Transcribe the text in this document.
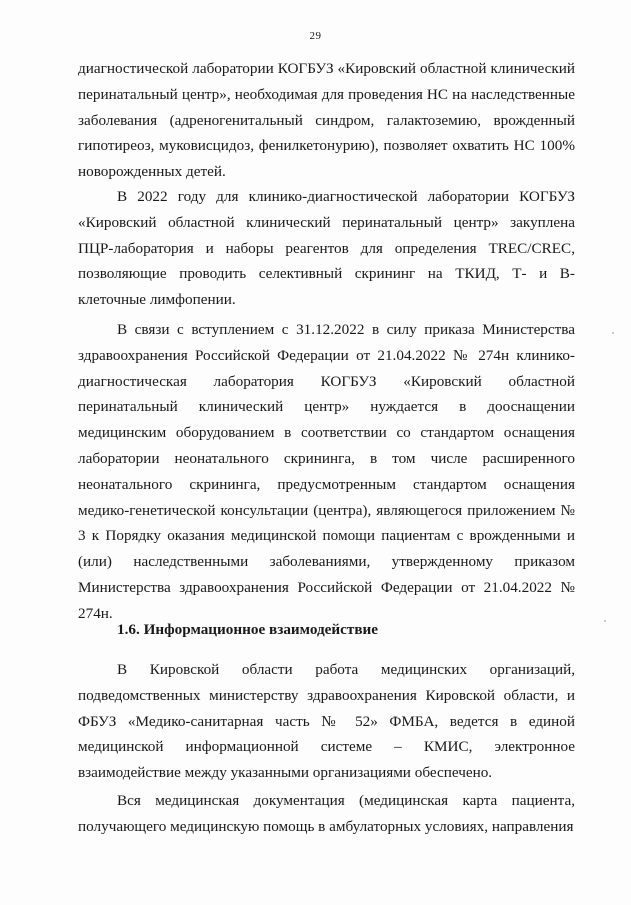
29

диагностической лаборатории КОГБУЗ «Кировский областной клинический перинатальный центр», необходимая для проведения НС на наследственные заболевания (адреногенитальный синдром, галактоземию, врожденный гипотиреоз, муковисцидоз, фенилкетонурию), позволяет охватить НС 100% новорожденных детей.

В 2022 году для клинико-диагностической лаборатории КОГБУЗ «Кировский областной клинический перинатальный центр» закуплена ПЦР-лаборатория и наборы реагентов для определения TREC/CREC, позволяющие проводить селективный скрининг на ТКИД, Т- и В- клеточные лимфопении.

В связи с вступлением с 31.12.2022 в силу приказа Министерства здравоохранения Российской Федерации от 21.04.2022 № 274н клинико-диагностическая лаборатория КОГБУЗ «Кировский областной перинатальный клинический центр» нуждается в дооснащении медицинским оборудованием в соответствии со стандартом оснащения лаборатории неонатального скрининга, в том числе расширенного неонатального скрининга, предусмотренным стандартом оснащения медико-генетической консультации (центра), являющегося приложением № 3 к Порядку оказания медицинской помощи пациентам с врожденными и (или) наследственными заболеваниями, утвержденному приказом Министерства здравоохранения Российской Федерации от 21.04.2022 № 274н.

1.6. Информационное взаимодействие

В Кировской области работа медицинских организаций, подведомственных министерству здравоохранения Кировской области, и ФБУЗ «Медико-санитарная часть № 52» ФМБА, ведется в единой медицинской информационной системе – КМИС, электронное взаимодействие между указанными организациями обеспечено.

Вся медицинская документация (медицинская карта пациента, получающего медицинскую помощь в амбулаторных условиях, направления
